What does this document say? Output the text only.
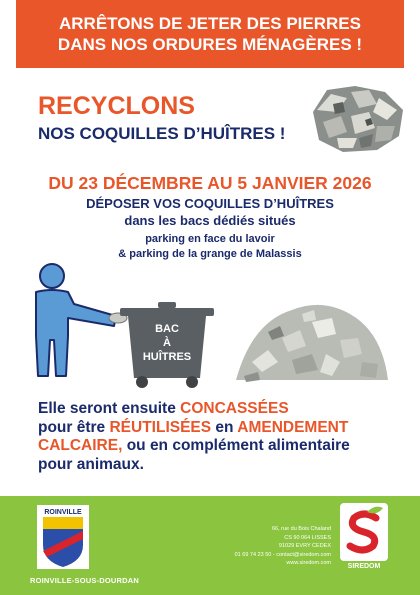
ARRÊTONS DE JETER DES PIERRES
DANS NOS ORDURES MÉNAGÈRES !
RECYCLONS
NOS COQUILLES D’HUÎTRES !
DU 23 DÉCEMBRE AU 5 JANVIER 2026
DÉPOSER VOS COQUILLES D’HUÎTRES
dans les bacs dédiés situés
parking en face du lavoir
& parking de la grange de Malassis
BAC
À
HUÎTRES
Elle seront ensuite CONCASSÉES
pour être RÉUTILISÉES en AMENDEMENT
CALCAIRE, ou en complément alimentaire
pour animaux.
ROINVILLE
ROINVILLE-SOUS-DOURDAN
66, rue du Bois Chaland
CS 90 064 LISSES
91029 EVRY CEDEX
01 69 74 23 50 - contact@siredom.com
www.siredom.com	SIREDOM
